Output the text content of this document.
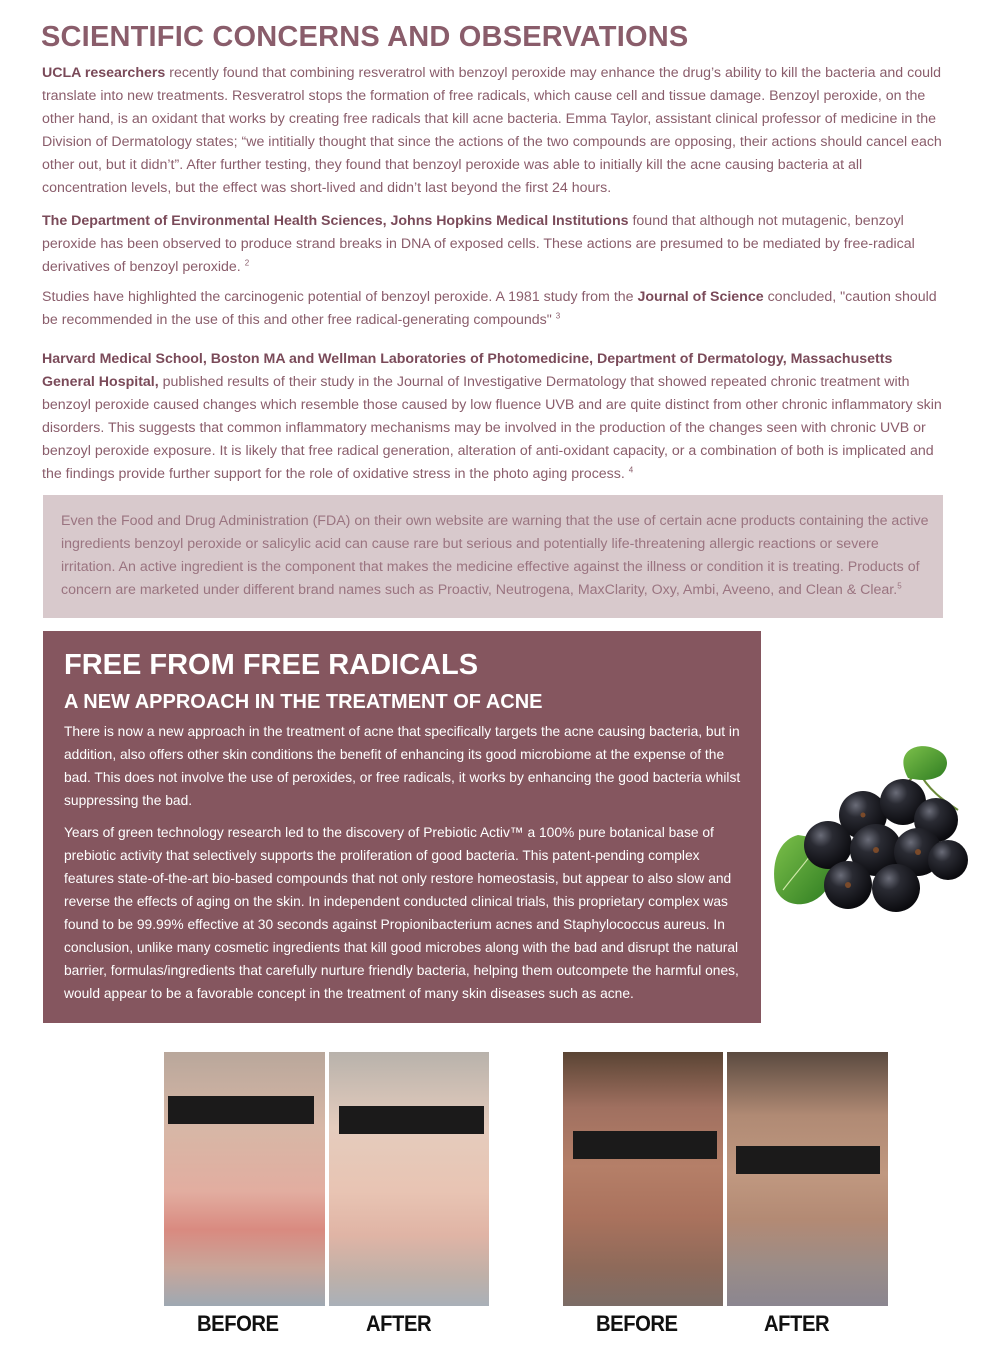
SCIENTIFIC CONCERNS AND OBSERVATIONS

UCLA researchers recently found that combining resveratrol with benzoyl peroxide may enhance the drug’s ability to kill the bacteria and could translate into new treatments. Resveratrol stops the formation of free radicals, which cause cell and tissue damage. Benzoyl peroxide, on the other hand, is an oxidant that works by creating free radicals that kill acne bacteria. Emma Taylor, assistant clinical professor of medicine in the Division of Dermatology states; “we intitially thought that since the actions of the two compounds are opposing, their actions should cancel each other out, but it didn’t”. After further testing, they found that benzoyl peroxide was able to initially kill the acne causing bacteria at all concentration levels, but the effect was short-lived and didn’t last beyond the first 24 hours.

The Department of Environmental Health Sciences, Johns Hopkins Medical Institutions found that although not mutagenic, benzoyl peroxide has been observed to produce strand breaks in DNA of exposed cells. These actions are presumed to be mediated by free-radical derivatives of benzoyl peroxide. $^2$

Studies have highlighted the carcinogenic potential of benzoyl peroxide. A 1981 study from the Journal of Science concluded, "caution should be recommended in the use of this and other free radical-generating compounds" $^3$

Harvard Medical School, Boston MA and Wellman Laboratories of Photomedicine, Department of Dermatology, Massachusetts General Hospital, published results of their study in the Journal of Investigative Dermatology that showed repeated chronic treatment with benzoyl peroxide caused changes which resemble those caused by low fluence UVB and are quite distinct from other chronic inflammatory skin disorders. This suggests that common inflammatory mechanisms may be involved in the production of the changes seen with chronic UVB or benzoyl peroxide exposure. It is likely that free radical generation, alteration of anti-oxidant capacity, or a combination of both is implicated and the findings provide further support for the role of oxidative stress in the photo aging process. $^4$

Even the Food and Drug Administration (FDA) on their own website are warning that the use of certain acne products containing the active ingredients benzoyl peroxide or salicylic acid can cause rare but serious and potentially life-threatening allergic reactions or severe irritation. An active ingredient is the component that makes the medicine effective against the illness or condition it is treating. Products of concern are marketed under different brand names such as Proactiv, Neutrogena, MaxClarity, Oxy, Ambi, Aveeno, and Clean & Clear.$^5$

FREE FROM FREE RADICALS
A NEW APPROACH IN THE TREATMENT OF ACNE

There is now a new approach in the treatment of acne that specifically targets the acne causing bacteria, but in addition, also offers other skin conditions the benefit of enhancing its good microbiome at the expense of the bad. This does not involve the use of peroxides, or free radicals, it works by enhancing the good bacteria whilst suppressing the bad.

Years of green technology research led to the discovery of Prebiotic Activ™ a 100% pure botanical base of prebiotic activity that selectively supports the proliferation of good bacteria. This patent-pending complex features state-of-the-art bio-based compounds that not only restore homeostasis, but appear to also slow and reverse the effects of aging on the skin. In independent conducted clinical trials, this proprietary complex was found to be 99.99% effective at 30 seconds against Propionibacterium acnes and Staphylococcus aureus. In conclusion, unlike many cosmetic ingredients that kill good microbes along with the bad and disrupt the natural barrier, formulas/ingredients that carefully nurture friendly bacteria, helping them outcompete the harmful ones, would appear to be a favorable concept in the treatment of many skin diseases such as acne.

BEFORE	AFTER	BEFORE	AFTER
